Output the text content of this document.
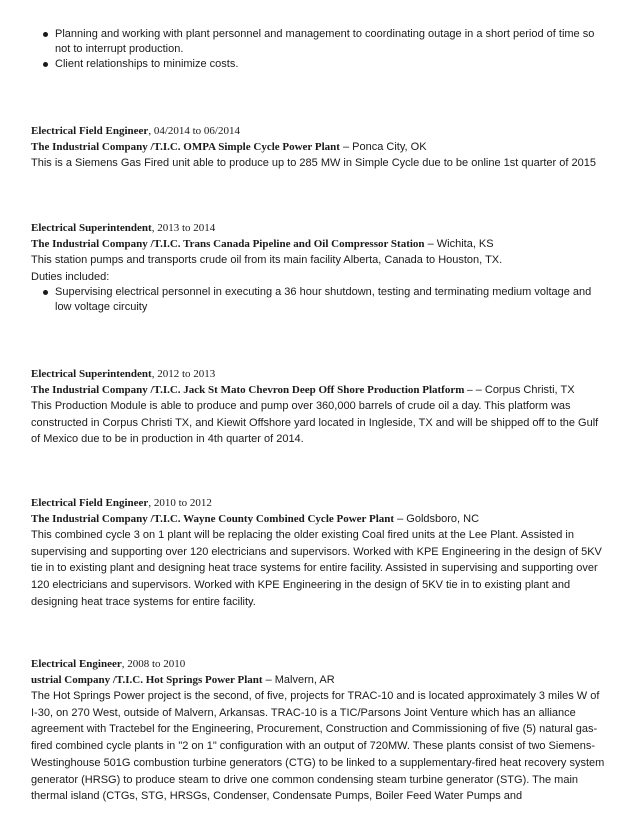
Planning and working with plant personnel and management to coordinating outage in a short period of time so not to interrupt production.
Client relationships to minimize costs.
Electrical Field Engineer, 04/2014 to 06/2014
The Industrial Company /T.I.C. OMPA Simple Cycle Power Plant – Ponca City, OK

This is a Siemens Gas Fired unit able to produce up to 285 MW in Simple Cycle due to be online 1st quarter of 2015

Electrical Superintendent, 2013 to 2014
The Industrial Company /T.I.C. Trans Canada Pipeline and Oil Compressor Station – Wichita, KS

This station pumps and transports crude oil from its main facility Alberta, Canada to Houston, TX.

Duties included:

Supervising electrical personnel in executing a 36 hour shutdown, testing and terminating medium voltage and low voltage circuity
Electrical Superintendent, 2012 to 2013
The Industrial Company /T.I.C. Jack St Mato Chevron Deep Off Shore Production Platform – – Corpus Christi, TX

This Production Module is able to produce and pump over 360,000 barrels of crude oil a day. This platform was constructed in Corpus Christi TX, and Kiewit Offshore yard located in Ingleside, TX and will be shipped off to the Gulf of Mexico due to be in production in 4th quarter of 2014.

Electrical Field Engineer, 2010 to 2012
The Industrial Company /T.I.C. Wayne County Combined Cycle Power Plant – Goldsboro, NC

This combined cycle 3 on 1 plant will be replacing the older existing Coal fired units at the Lee Plant. Assisted in supervising and supporting over 120 electricians and supervisors. Worked with KPE Engineering in the design of 5KV tie in to existing plant and designing heat trace systems for entire facility. Assisted in supervising and supporting over 120 electricians and supervisors. Worked with KPE Engineering in the design of 5KV tie in to existing plant and designing heat trace systems for entire facility.

Electrical Engineer, 2008 to 2010
ustrial Company /T.I.C. Hot Springs Power Plant – Malvern, AR

The Hot Springs Power project is the second, of five, projects for TRAC-10 and is located approximately 3 miles W of I-30, on 270 West, outside of Malvern, Arkansas. TRAC-10 is a TIC/Parsons Joint Venture which has an alliance agreement with Tractebel for the Engineering, Procurement, Construction and Commissioning of five (5) natural gas-fired combined cycle plants in "2 on 1" configuration with an output of 720MW. These plants consist of two Siemens-Westinghouse 501G combustion turbine generators (CTG) to be linked to a supplementary-fired heat recovery system generator (HRSG) to produce steam to drive one common condensing steam turbine generator (STG). The main thermal island (CTGs, STG, HRSGs, Condenser, Condensate Pumps, Boiler Feed Water Pumps and
